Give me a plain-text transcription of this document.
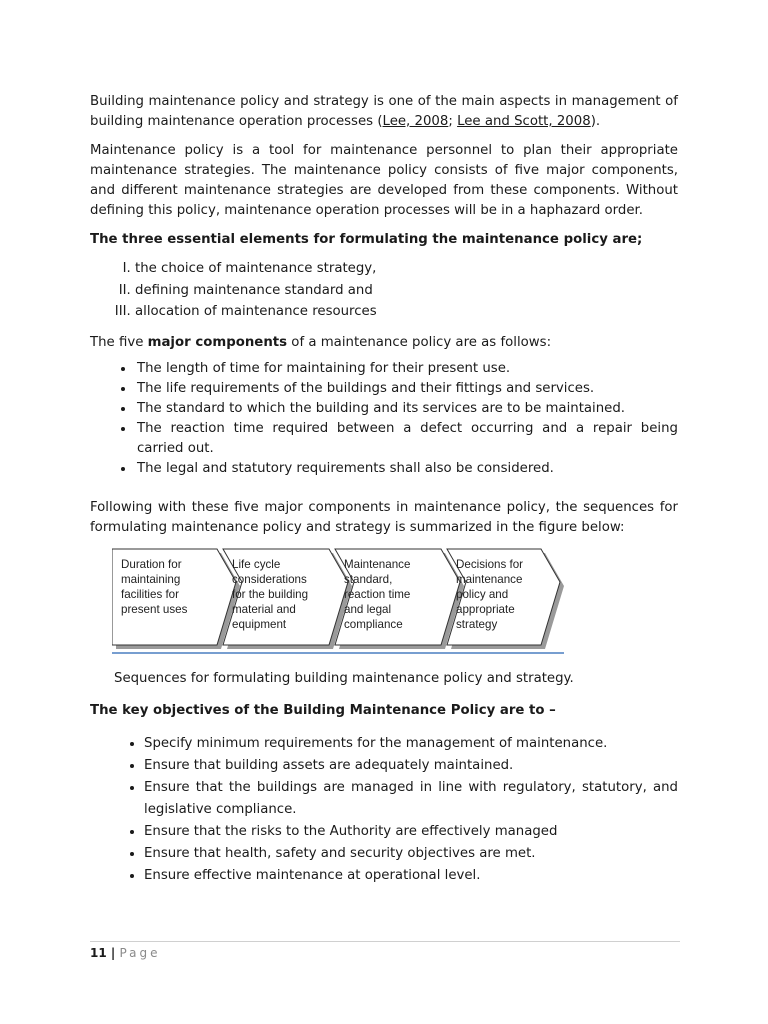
Building maintenance policy and strategy is one of the main aspects in management of building maintenance operation processes (Lee, 2008; Lee and Scott, 2008).

Maintenance policy is a tool for maintenance personnel to plan their appropriate maintenance strategies. The maintenance policy consists of five major components, and different maintenance strategies are developed from these components. Without defining this policy, maintenance operation processes will be in a haphazard order.

The three essential elements for formulating the maintenance policy are;

I. the choice of maintenance strategy,
II. defining maintenance standard and
III. allocation of maintenance resources

The five major components of a maintenance policy are as follows:

• The length of time for maintaining for their present use.
• The life requirements of the buildings and their fittings and services.
• The standard to which the building and its services are to be maintained.
• The reaction time required between a defect occurring and a repair being carried out.
• The legal and statutory requirements shall also be considered.

Following with these five major components in maintenance policy, the sequences for formulating maintenance policy and strategy is summarized in the figure below:

Duration for maintaining facilities for present uses
Life cycle considerations for the building material and equipment
Maintenance standard, reaction time and legal compliance
Decisions for maintenance policy and appropriate strategy

Sequences for formulating building maintenance policy and strategy.

The key objectives of the Building Maintenance Policy are to –

• Specify minimum requirements for the management of maintenance.
• Ensure that building assets are adequately maintained.
• Ensure that the buildings are managed in line with regulatory, statutory, and legislative compliance.
• Ensure that the risks to the Authority are effectively managed
• Ensure that health, safety and security objectives are met.
• Ensure effective maintenance at operational level.
11 | Page
